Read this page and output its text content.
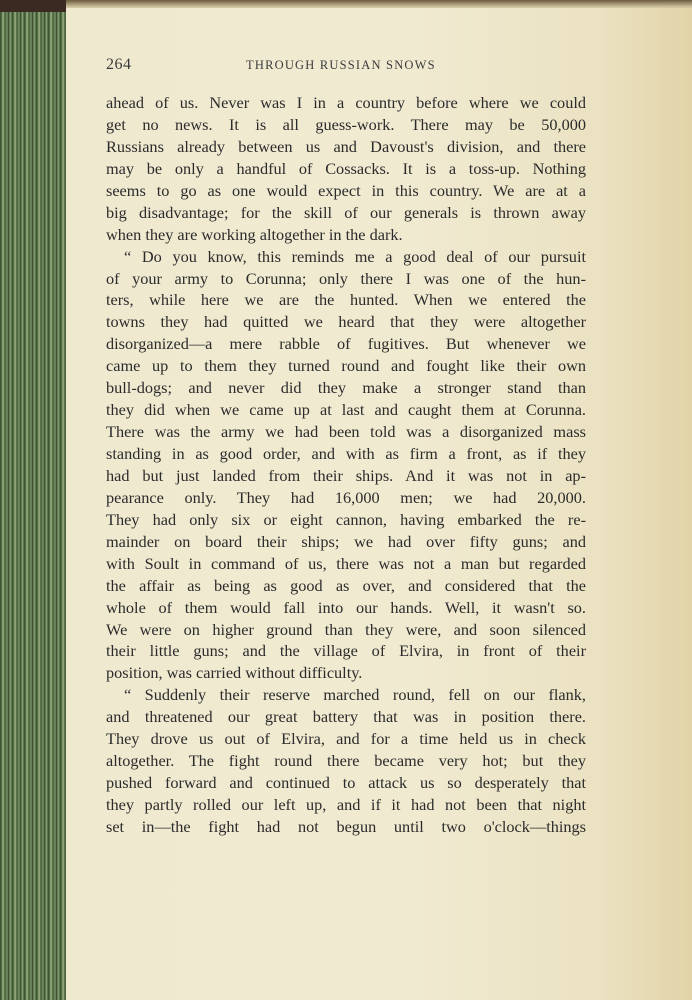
264	THROUGH RUSSIAN SNOWS
ahead of us. Never was I in a country before where we could
get no news. It is all guess-work. There may be 50,000
Russians already between us and Davoust's division, and there
may be only a handful of Cossacks. It is a toss-up. Nothing
seems to go as one would expect in this country. We are at a
big disadvantage; for the skill of our generals is thrown away
when they are working altogether in the dark.
“ Do you know, this reminds me a good deal of our pursuit
of your army to Corunna; only there I was one of the hun-
ters, while here we are the hunted. When we entered the
towns they had quitted we heard that they were altogether
disorganized—a mere rabble of fugitives. But whenever we
came up to them they turned round and fought like their own
bull-dogs; and never did they make a stronger stand than
they did when we came up at last and caught them at Corunna.
There was the army we had been told was a disorganized mass
standing in as good order, and with as firm a front, as if they
had but just landed from their ships. And it was not in ap-
pearance only. They had 16,000 men; we had 20,000.
They had only six or eight cannon, having embarked the re-
mainder on board their ships; we had over fifty guns; and
with Soult in command of us, there was not a man but regarded
the affair as being as good as over, and considered that the
whole of them would fall into our hands. Well, it wasn't so.
We were on higher ground than they were, and soon silenced
their little guns; and the village of Elvira, in front of their
position, was carried without difficulty.
“ Suddenly their reserve marched round, fell on our flank,
and threatened our great battery that was in position there.
They drove us out of Elvira, and for a time held us in check
altogether. The fight round there became very hot; but they
pushed forward and continued to attack us so desperately that
they partly rolled our left up, and if it had not been that night
set in—the fight had not begun until two o'clock—things
